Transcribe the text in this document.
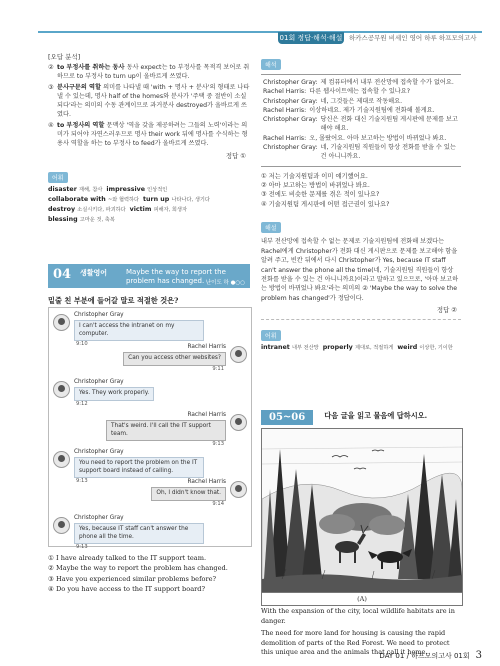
01회 정답·해석·해설 하카스공무원 비세인 영어 하루 하프모의고사
[오답 분석]
② to 부정사를 취하는 동사 동사 expect는 to 부정사를 목적격 보어로 취하므로 to 부정사 to turn up이 올바르게 쓰였다.
③ 분사구문의 역할 의미를 나타낼 때 'with + 명사 + 분사'의 형태로 나타낼 수 있는데, 명사 half of the homes와 분사가 '주택 중 절반이 소실되다'라는 의미의 수동 관계이므로 과거분사 destroyed가 올바르게 쓰였다.
④ to 부정사의 역할 문맥상 '역을 갖을 제공하려는 그들의 노력'이라는 의미가 되어야 자연스러우므로 명사 their work 뒤에 명사를 수식하는 형용사 역할을 하는 to 부정사 to feed가 올바르게 쓰였다.
정답 ①
어휘
disaster 재해, 참사 impressive 인상적인
collaborate with ~와 협력하다 turn up 나타나다, 생기다
destroy 소실시키다, 파괴하다 victim 피해자, 희생자
blessing 고마운 것, 축복
04 생활영어	Maybe the way to report the problem has changed. 난이도 하 ●○○
밑줄 친 부분에 들어갈 말로 적절한 것은?
Christopher Gray
I can't access the intranet on my computer.
9:10	Rachel Harris
Can you access other websites?
9:11
Christopher Gray
Yes. They work properly.
9:12
Rachel Harris
That's weird. I'll call the IT support team.
9:13
Christopher Gray
You need to report the problem on the IT support board instead of calling.
9:13	Rachel Harris
Oh, I didn't know that.
9:14
Christopher Gray
Yes, because IT staff can't answer the phone all the time.
9:13
① I have already talked to the IT support team.
② Maybe the way to report the problem has changed.
③ Have you experienced similar problems before?
④ Do you have access to the IT support board?
해석
Christopher Gray: 제 컴퓨터에서 내부 전산망에 접속할 수가 없어요.
Rachel Harris: 다른 웹사이트에는 접속할 수 있나요?
Christopher Gray: 네, 그것들은 제대로 작동해요.
Rachel Harris: 이상하네요. 제가 기술지원팀에 전화해 볼게요.
Christopher Gray: 당신은 전화 대신 기술지원팀 게시판에 문제를 보고해야 해요.
Rachel Harris: 오, 몰랐어요. 아마 보고하는 방법이 바뀌었나 봐요.
Christopher Gray: 네, 기술지원팀 직원들이 항상 전화를 받을 수 있는 건 아니니까요.
① 저는 기술지원팀과 이미 얘기했어요.
② 아마 보고하는 방법이 바뀌었나 봐요.
③ 전에도 비슷한 문제를 겪은 적이 있나요?
④ 기술지원팀 게시판에 어떤 접근권이 있나요?
해설

내부 전산망에 접속할 수 없는 문제로 기술지원팀에 전화해 보겠다는 Rachel에게 Christopher가 전화 대신 게시판으로 문제를 보고해야 함을 알려 주고, 빈칸 뒤에서 다시 Christopher가 Yes, because IT staff can't answer the phone all the time(네, 기술지원팀 직원들이 항상 전화를 받을 수 있는 건 아니니까요)이라고 말하고 있으므로, '아마 보고하는 방법이 바뀌었나 봐요'라는 의미의 ② 'Maybe the way to solve the problem has changed'가 정답이다.

정답 ②
어휘
intranet 내부 전산망 properly 제대로, 적절하게 weird 이상한, 기이한
05~06	다음 글을 읽고 물음에 답하시오.
(A)

With the expansion of the city, local wildlife habitats are in danger.

The need for more land for housing is causing the rapid demolition of parts of the Red Forest. We need to protect this unique area and the animals that call it home.

DAY 01 / 하프모의고사 01회 3
